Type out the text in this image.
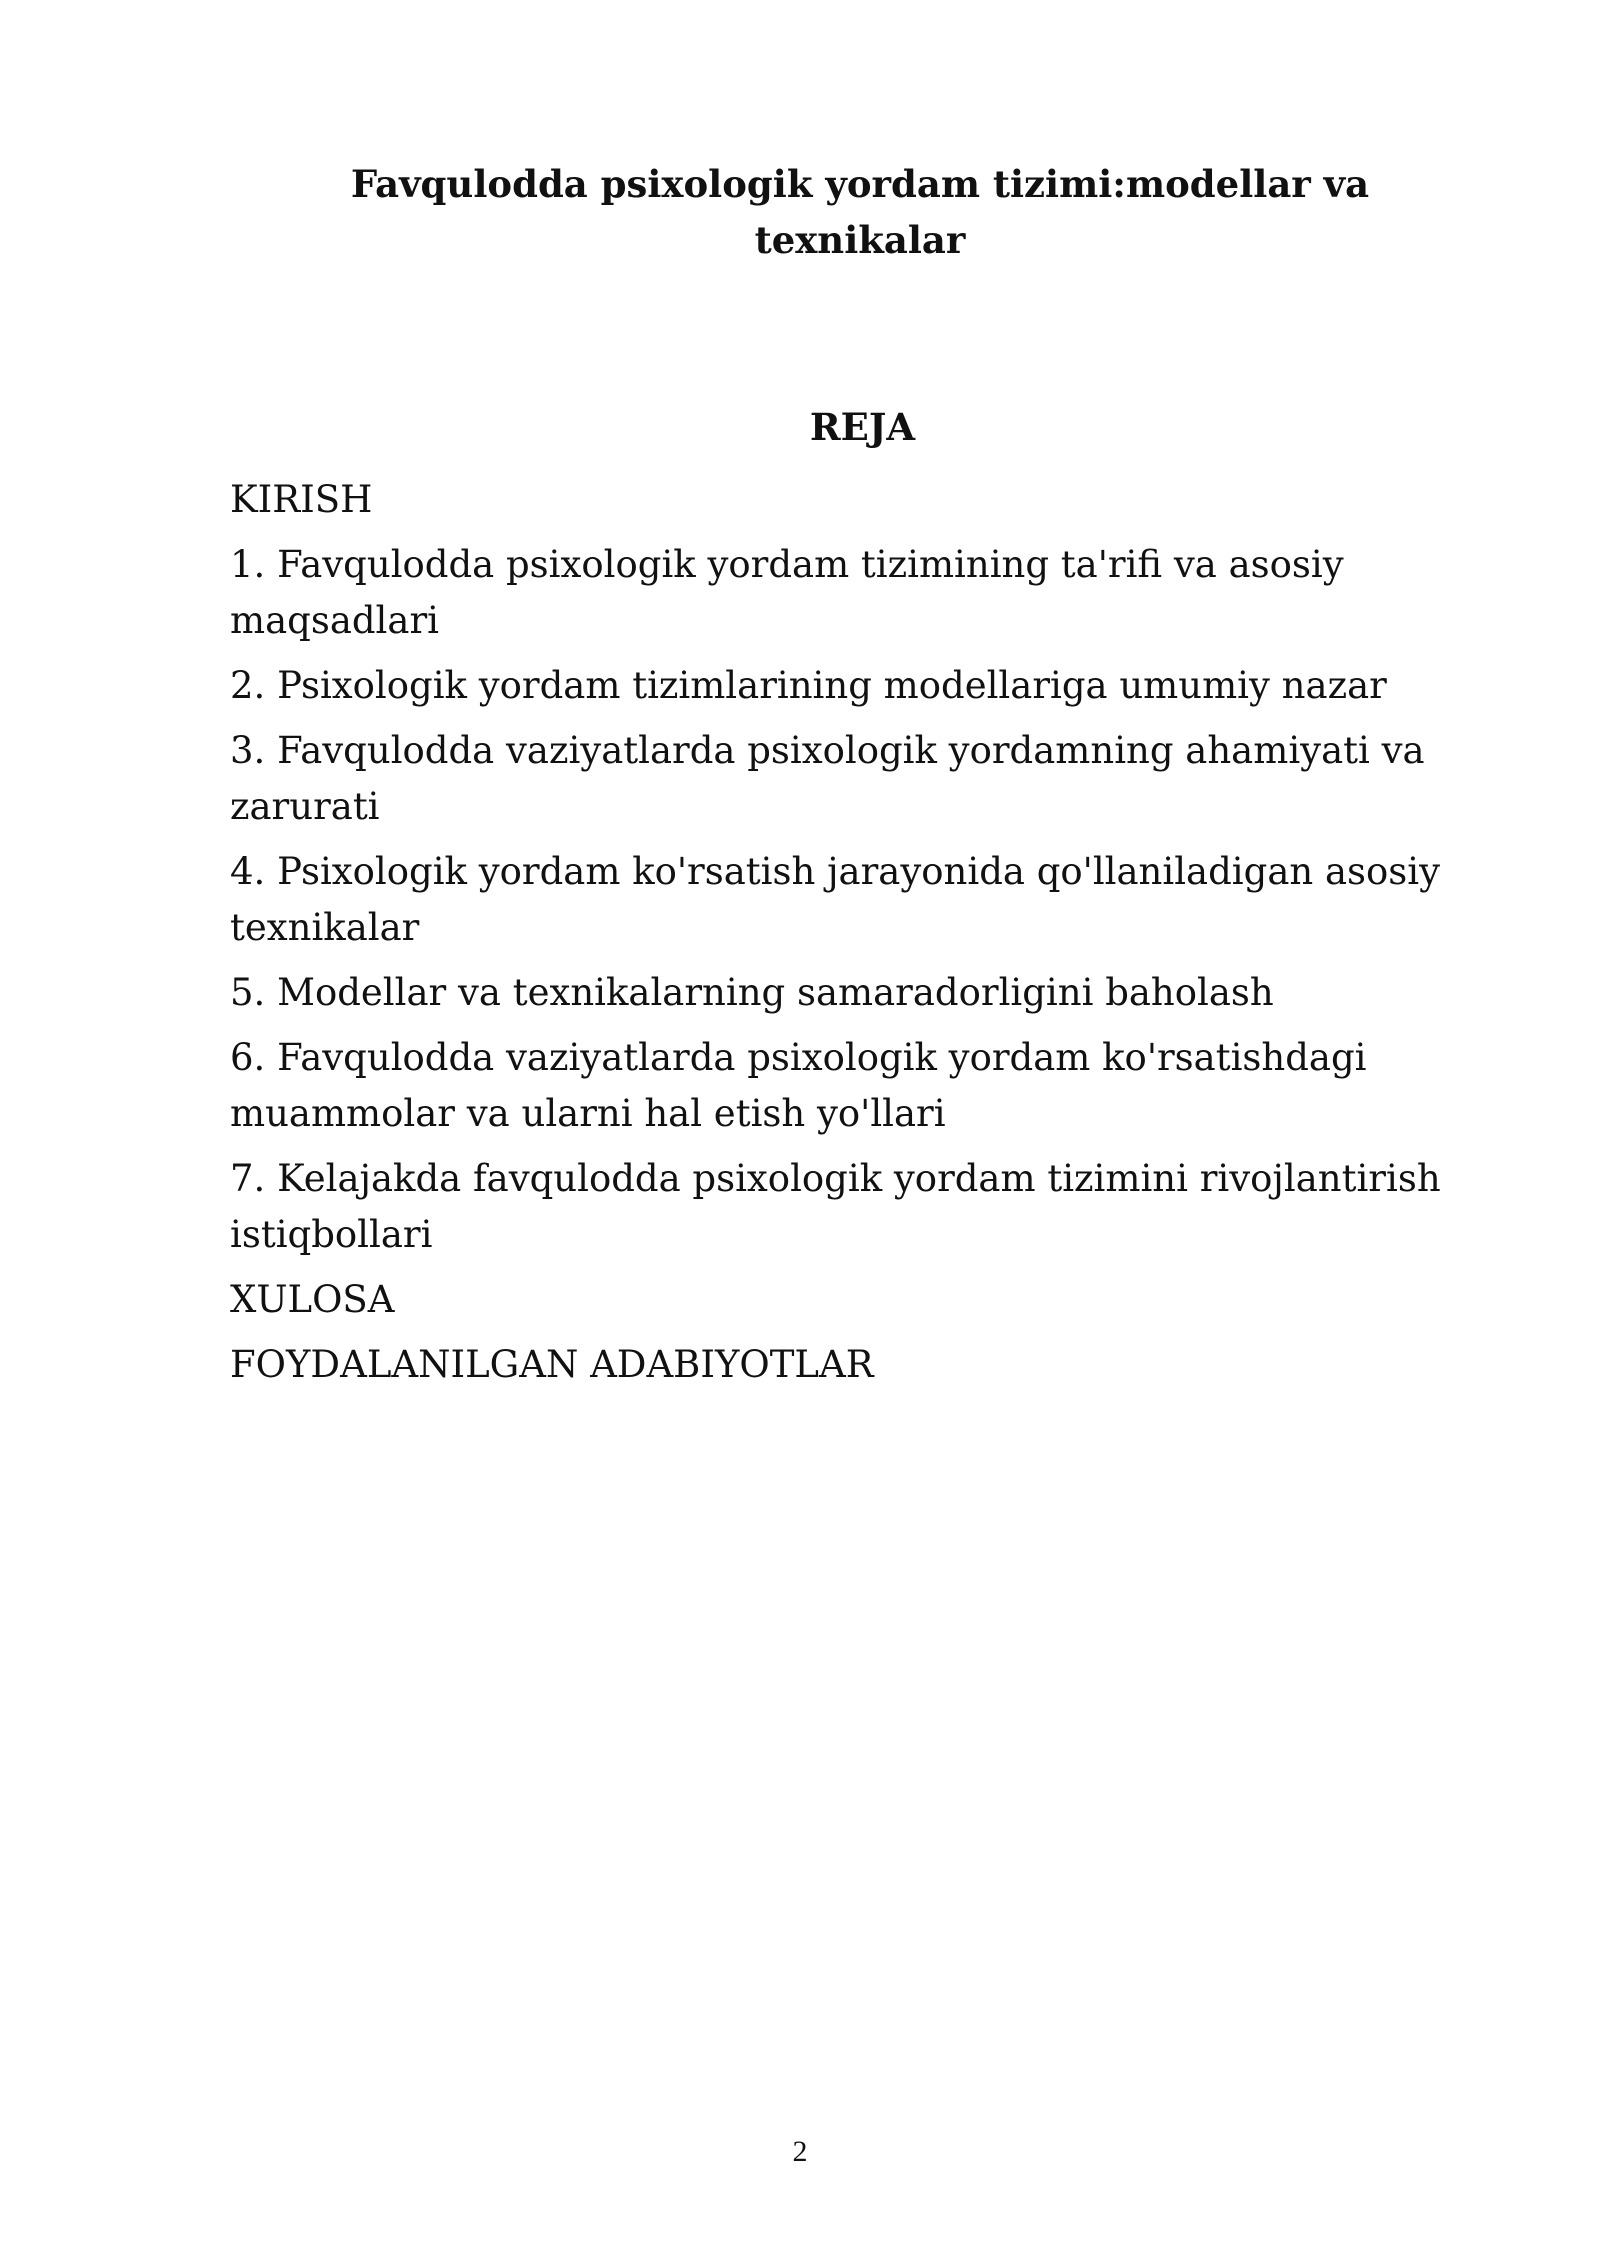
Favqulodda psixologik yordam tizimi:modellar va
texnikalar
REJA
KIRISH
1. Favqulodda psixologik yordam tizimining ta'rifi va asosiy
maqsadlari
2. Psixologik yordam tizimlarining modellariga umumiy nazar
3. Favqulodda vaziyatlarda psixologik yordamning ahamiyati va
zarurati
4. Psixologik yordam ko'rsatish jarayonida qo'llaniladigan asosiy
texnikalar
5. Modellar va texnikalarning samaradorligini baholash
6. Favqulodda vaziyatlarda psixologik yordam ko'rsatishdagi
muammolar va ularni hal etish yo'llari
7. Kelajakda favqulodda psixologik yordam tizimini rivojlantirish
istiqbollari
XULOSA
FOYDALANILGAN ADABIYOTLAR
2
